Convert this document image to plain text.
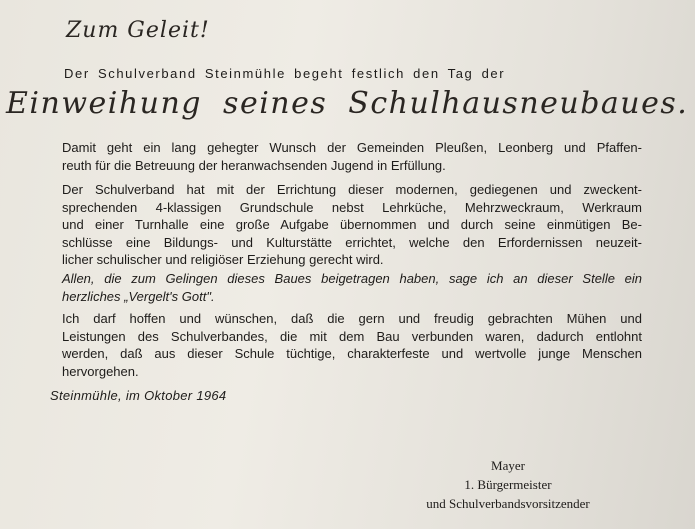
Zum Geleit!
Der Schulverband Steinmühle begeht festlich den Tag der
Einweihung seines Schulhausneubaues.
Damit geht ein lang gehegter Wunsch der Gemeinden Pleußen, Leonberg und Pfaffen-
reuth für die Betreuung der heranwachsenden Jugend in Erfüllung.
Der Schulverband hat mit der Errichtung dieser modernen, gediegenen und zweckent-
sprechenden 4-klassigen Grundschule nebst Lehrküche, Mehrzweckraum, Werkraum
und einer Turnhalle eine große Aufgabe übernommen und durch seine einmütigen Be-
schlüsse eine Bildungs- und Kulturstätte errichtet, welche den Erfordernissen neuzeit-
licher schulischer und religiöser Erziehung gerecht wird.
Allen, die zum Gelingen dieses Baues beigetragen haben, sage ich an dieser Stelle ein
herzliches „Vergelt's Gott".
Ich darf hoffen und wünschen, daß die gern und freudig gebrachten Mühen und
Leistungen des Schulverbandes, die mit dem Bau verbunden waren, dadurch entlohnt
werden, daß aus dieser Schule tüchtige, charakterfeste und wertvolle junge Menschen
hervorgehen.
Steinmühle, im Oktober 1964
Mayer
1. Bürgermeister
und Schulverbandsvorsitzender
